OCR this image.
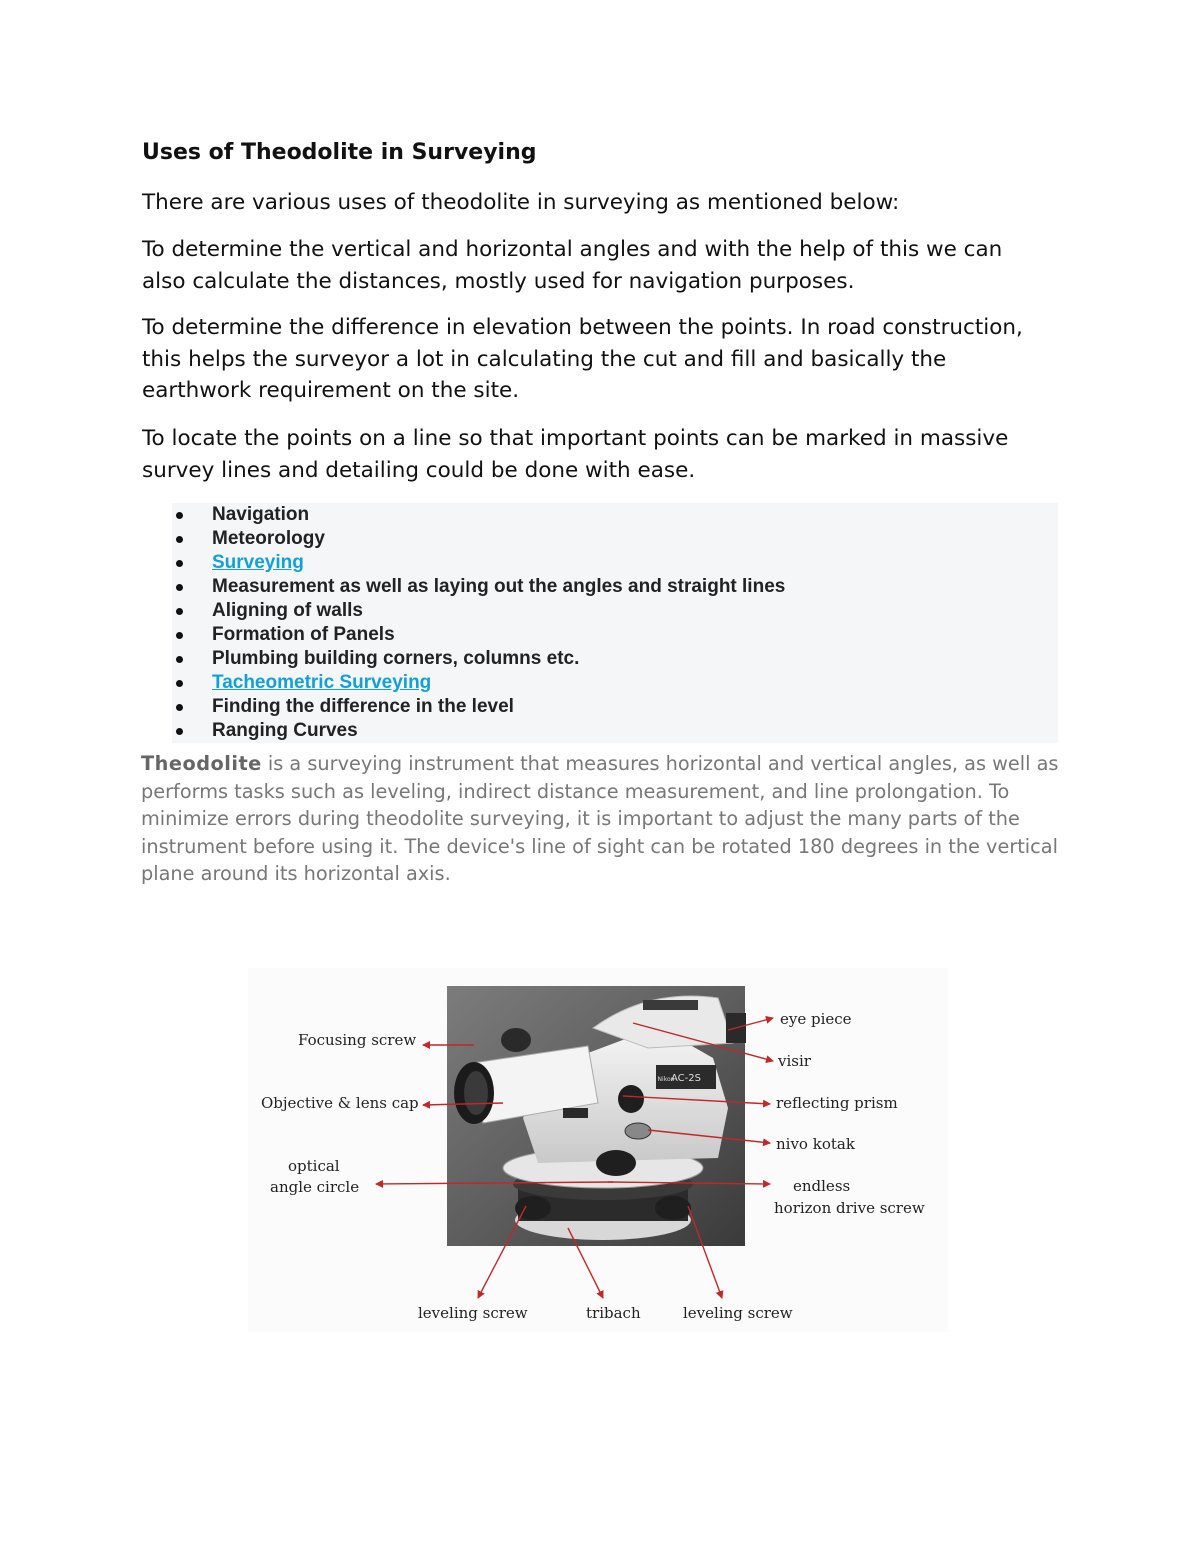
Uses of Theodolite in Surveying

There are various uses of theodolite in surveying as mentioned below:

To determine the vertical and horizontal angles and with the help of this we can also calculate the distances, mostly used for navigation purposes.

To determine the difference in elevation between the points. In road construction, this helps the surveyor a lot in calculating the cut and fill and basically the earthwork requirement on the site.

To locate the points on a line so that important points can be marked in massive survey lines and detailing could be done with ease.

Navigation
Meteorology
Surveying
Measurement as well as laying out the angles and straight lines
Aligning of walls
Formation of Panels
Plumbing building corners, columns etc.
Tacheometric Surveying
Finding the difference in the level
Ranging Curves

Theodolite is a surveying instrument that measures horizontal and vertical angles, as well as performs tasks such as leveling, indirect distance measurement, and line prolongation. To minimize errors during theodolite surveying, it is important to adjust the many parts of the instrument before using it. The device's line of sight can be rotated 180 degrees in the vertical plane around its horizontal axis.

AC-2S
Nikon
Focusing screw
Objective & lens cap
optical
angle circle
eye piece
visir
reflecting prism
nivo kotak
endless
horizon drive screw
leveling screw	tribach	leveling screw
